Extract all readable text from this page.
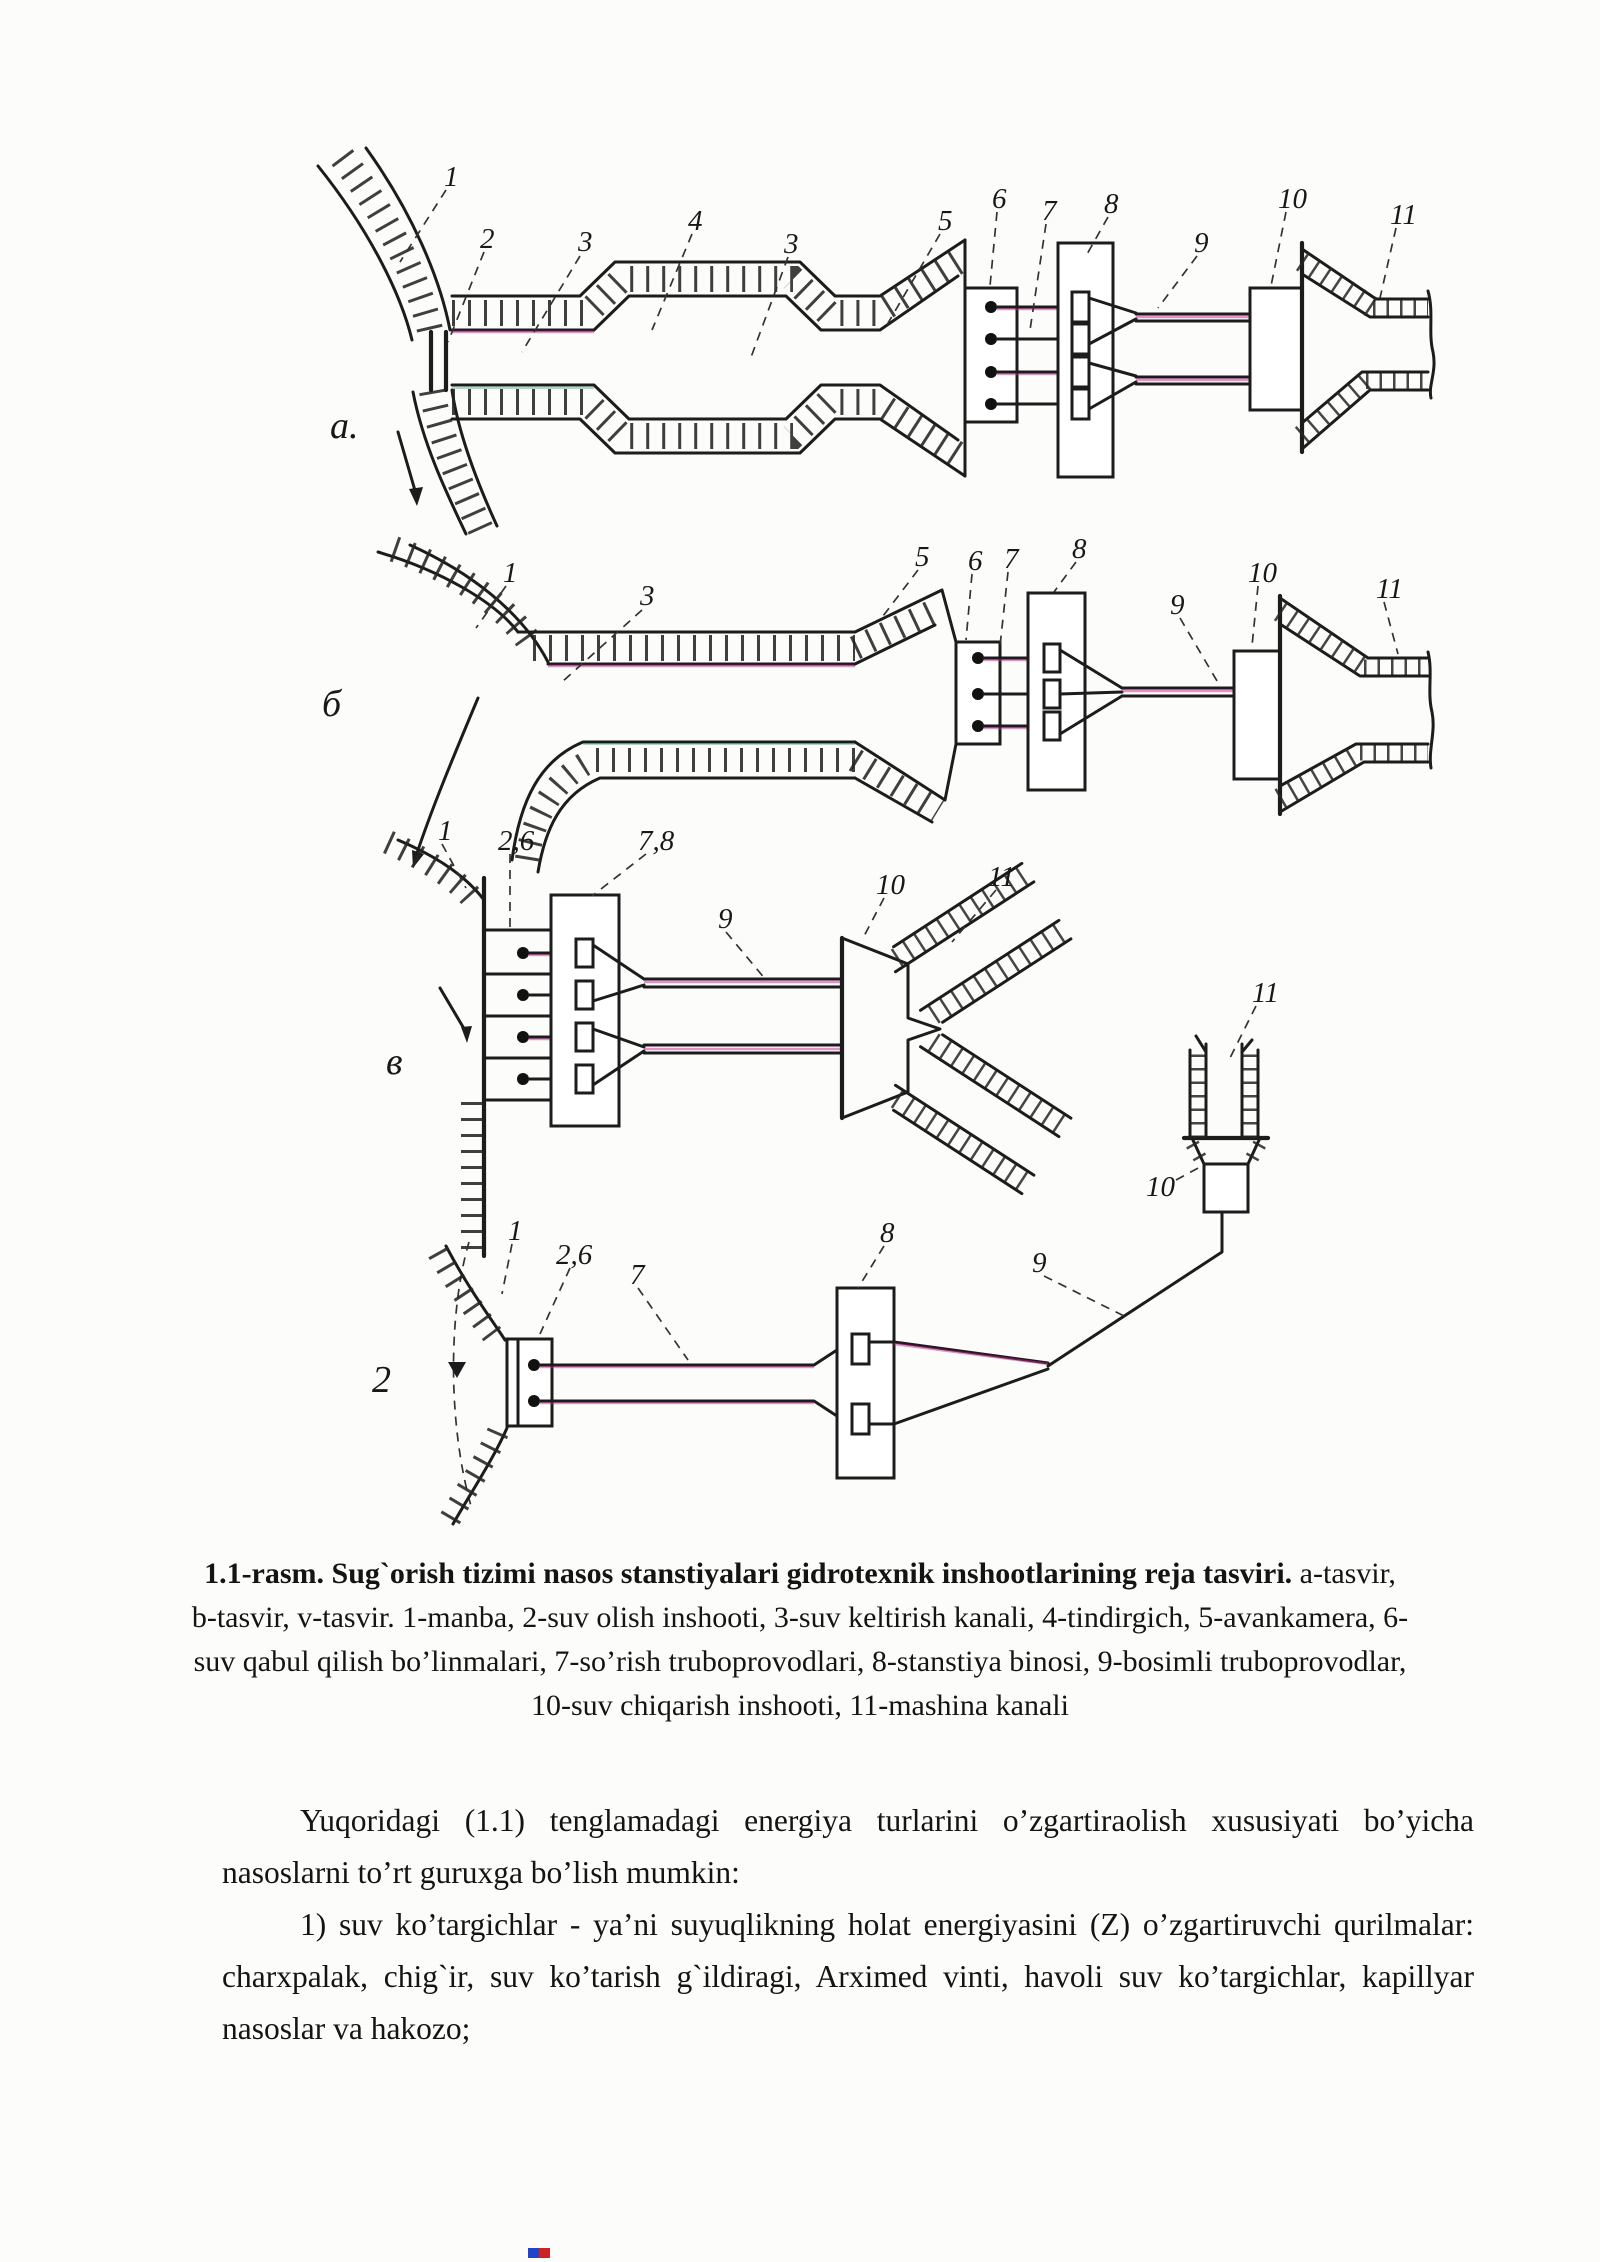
1
2	3
4
3
5
6 7 8
9
10	11
a.
1
3
5 6 7 8
9
10	11
б
1 2,6	7,8
9
10	11
в
2
1
2,6
7
8
9
10
11
1.1-rasm. Sug`orish tizimi nasos stanstiyalari gidrotexnik inshootlarining reja tasviri. a-tasvir, b-tasvir, v-tasvir. 1-manba, 2-suv olish inshooti, 3-suv keltirish kanali, 4-tindirgich, 5-avankamera, 6-suv qabul qilish bo’linmalari, 7-so’rish truboprovodlari, 8-stanstiya binosi, 9-bosimli truboprovodlar, 10-suv chiqarish inshooti, 11-mashina kanali

Yuqoridagi (1.1) tenglamadagi energiya turlarini o’zgartiraolish xususiyati bo’yicha nasoslarni to’rt guruxga bo’lish mumkin:

1) suv ko’targichlar - ya’ni suyuqlikning holat energiyasini (Z) o’zgartiruvchi qurilmalar: charxpalak, chig`ir, suv ko’tarish g`ildiragi, Arximed vinti, havoli suv ko’targichlar, kapillyar nasoslar va hakozo;
